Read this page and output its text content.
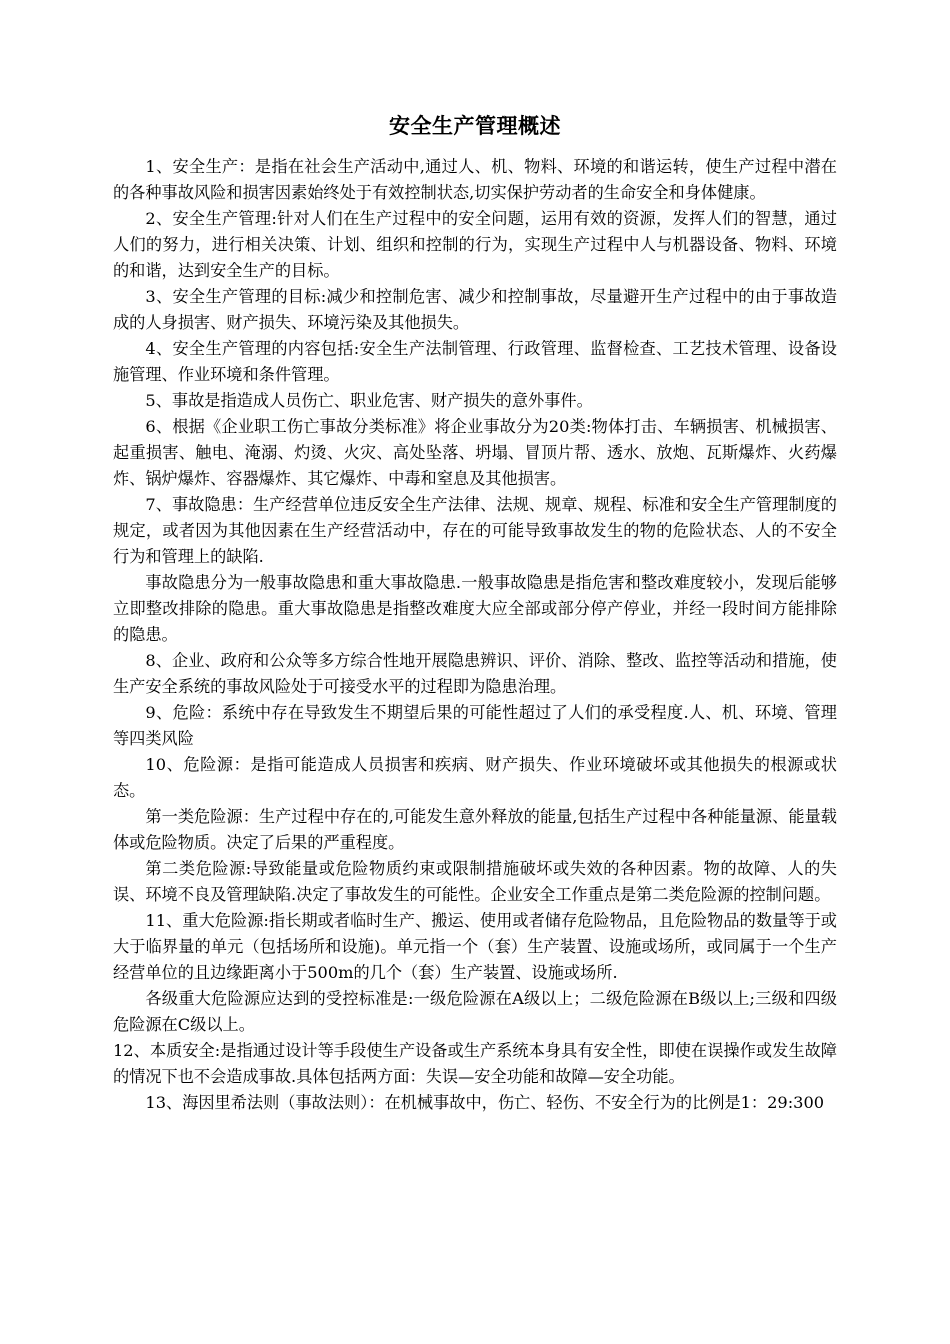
安全生产管理概述

1、安全生产：是指在社会生产活动中,通过人、机、物料、环境的和谐运转，使生产过程中潜在的各种事故风险和损害因素始终处于有效控制状态,切实保护劳动者的生命安全和身体健康。

2、安全生产管理:针对人们在生产过程中的安全问题，运用有效的资源，发挥人们的智慧，通过人们的努力，进行相关决策、计划、组织和控制的行为，实现生产过程中人与机器设备、物料、环境的和谐，达到安全生产的目标。

3、安全生产管理的目标:减少和控制危害、减少和控制事故，尽量避开生产过程中的由于事故造成的人身损害、财产损失、环境污染及其他损失。

4、安全生产管理的内容包括:安全生产法制管理、行政管理、监督检查、工艺技术管理、设备设施管理、作业环境和条件管理。

5、事故是指造成人员伤亡、职业危害、财产损失的意外事件。

6、根据《企业职工伤亡事故分类标准》将企业事故分为20类:物体打击、车辆损害、机械损害、起重损害、触电、淹溺、灼烫、火灾、高处坠落、坍塌、冒顶片帮、透水、放炮、瓦斯爆炸、火药爆炸、锅炉爆炸、容器爆炸、其它爆炸、中毒和窒息及其他损害。

7、事故隐患：生产经营单位违反安全生产法律、法规、规章、规程、标准和安全生产管理制度的规定，或者因为其他因素在生产经营活动中，存在的可能导致事故发生的物的危险状态、人的不安全行为和管理上的缺陷.

事故隐患分为一般事故隐患和重大事故隐患.一般事故隐患是指危害和整改难度较小，发现后能够立即整改排除的隐患。重大事故隐患是指整改难度大应全部或部分停产停业，并经一段时间方能排除的隐患。

8、企业、政府和公众等多方综合性地开展隐患辨识、评价、消除、整改、监控等活动和措施，使生产安全系统的事故风险处于可接受水平的过程即为隐患治理。

9、危险：系统中存在导致发生不期望后果的可能性超过了人们的承受程度.人、机、环境、管理等四类风险

10、危险源：是指可能造成人员损害和疾病、财产损失、作业环境破坏或其他损失的根源或状态。

第一类危险源：生产过程中存在的,可能发生意外释放的能量,包括生产过程中各种能量源、能量载体或危险物质。决定了后果的严重程度。

第二类危险源:导致能量或危险物质约束或限制措施破坏或失效的各种因素。物的故障、人的失误、环境不良及管理缺陷.决定了事故发生的可能性。企业安全工作重点是第二类危险源的控制问题。

11、重大危险源:指长期或者临时生产、搬运、使用或者储存危险物品，且危险物品的数量等于或大于临界量的单元（包括场所和设施)。单元指一个（套）生产装置、设施或场所，或同属于一个生产经营单位的且边缘距离小于500m的几个（套）生产装置、设施或场所.

各级重大危险源应达到的受控标准是:一级危险源在A级以上；二级危险源在B级以上;三级和四级危险源在C级以上。

12、本质安全:是指通过设计等手段使生产设备或生产系统本身具有安全性，即使在误操作或发生故障的情况下也不会造成事故.具体包括两方面：失误—安全功能和故障—安全功能。

13、海因里希法则（事故法则）：在机械事故中，伤亡、轻伤、不安全行为的比例是1：29:300
